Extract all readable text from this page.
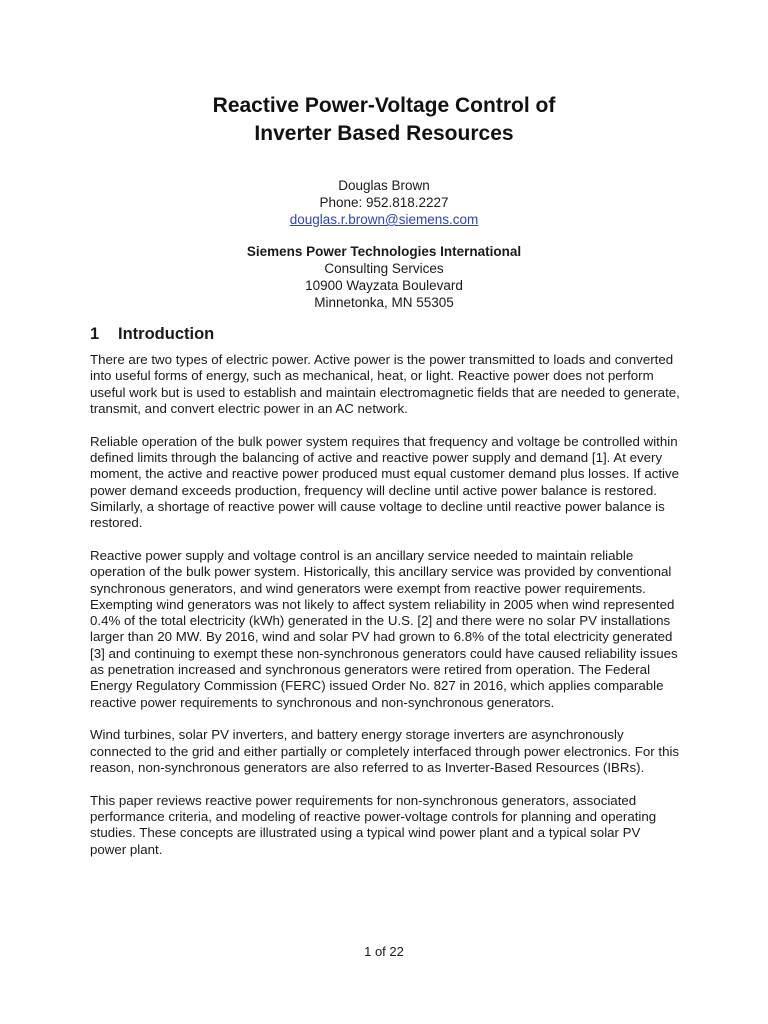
Reactive Power-Voltage Control of
Inverter Based Resources
Douglas Brown
Phone: 952.818.2227
douglas.r.brown@siemens.com
Siemens Power Technologies International
Consulting Services
10900 Wayzata Boulevard
Minnetonka, MN 55305
1 Introduction

There are two types of electric power. Active power is the power transmitted to loads and converted into useful forms of energy, such as mechanical, heat, or light. Reactive power does not perform useful work but is used to establish and maintain electromagnetic fields that are needed to generate, transmit, and convert electric power in an AC network.

Reliable operation of the bulk power system requires that frequency and voltage be controlled within defined limits through the balancing of active and reactive power supply and demand [1]. At every moment, the active and reactive power produced must equal customer demand plus losses. If active power demand exceeds production, frequency will decline until active power balance is restored. Similarly, a shortage of reactive power will cause voltage to decline until reactive power balance is restored.

Reactive power supply and voltage control is an ancillary service needed to maintain reliable operation of the bulk power system. Historically, this ancillary service was provided by conventional synchronous generators, and wind generators were exempt from reactive power requirements. Exempting wind generators was not likely to affect system reliability in 2005 when wind represented 0.4% of the total electricity (kWh) generated in the U.S. [2] and there were no solar PV installations larger than 20 MW. By 2016, wind and solar PV had grown to 6.8% of the total electricity generated [3] and continuing to exempt these non-synchronous generators could have caused reliability issues as penetration increased and synchronous generators were retired from operation. The Federal Energy Regulatory Commission (FERC) issued Order No. 827 in 2016, which applies comparable reactive power requirements to synchronous and non-synchronous generators.

Wind turbines, solar PV inverters, and battery energy storage inverters are asynchronously connected to the grid and either partially or completely interfaced through power electronics. For this reason, non-synchronous generators are also referred to as Inverter-Based Resources (IBRs).

This paper reviews reactive power requirements for non-synchronous generators, associated performance criteria, and modeling of reactive power-voltage controls for planning and operating studies. These concepts are illustrated using a typical wind power plant and a typical solar PV power plant.

1 of 22
